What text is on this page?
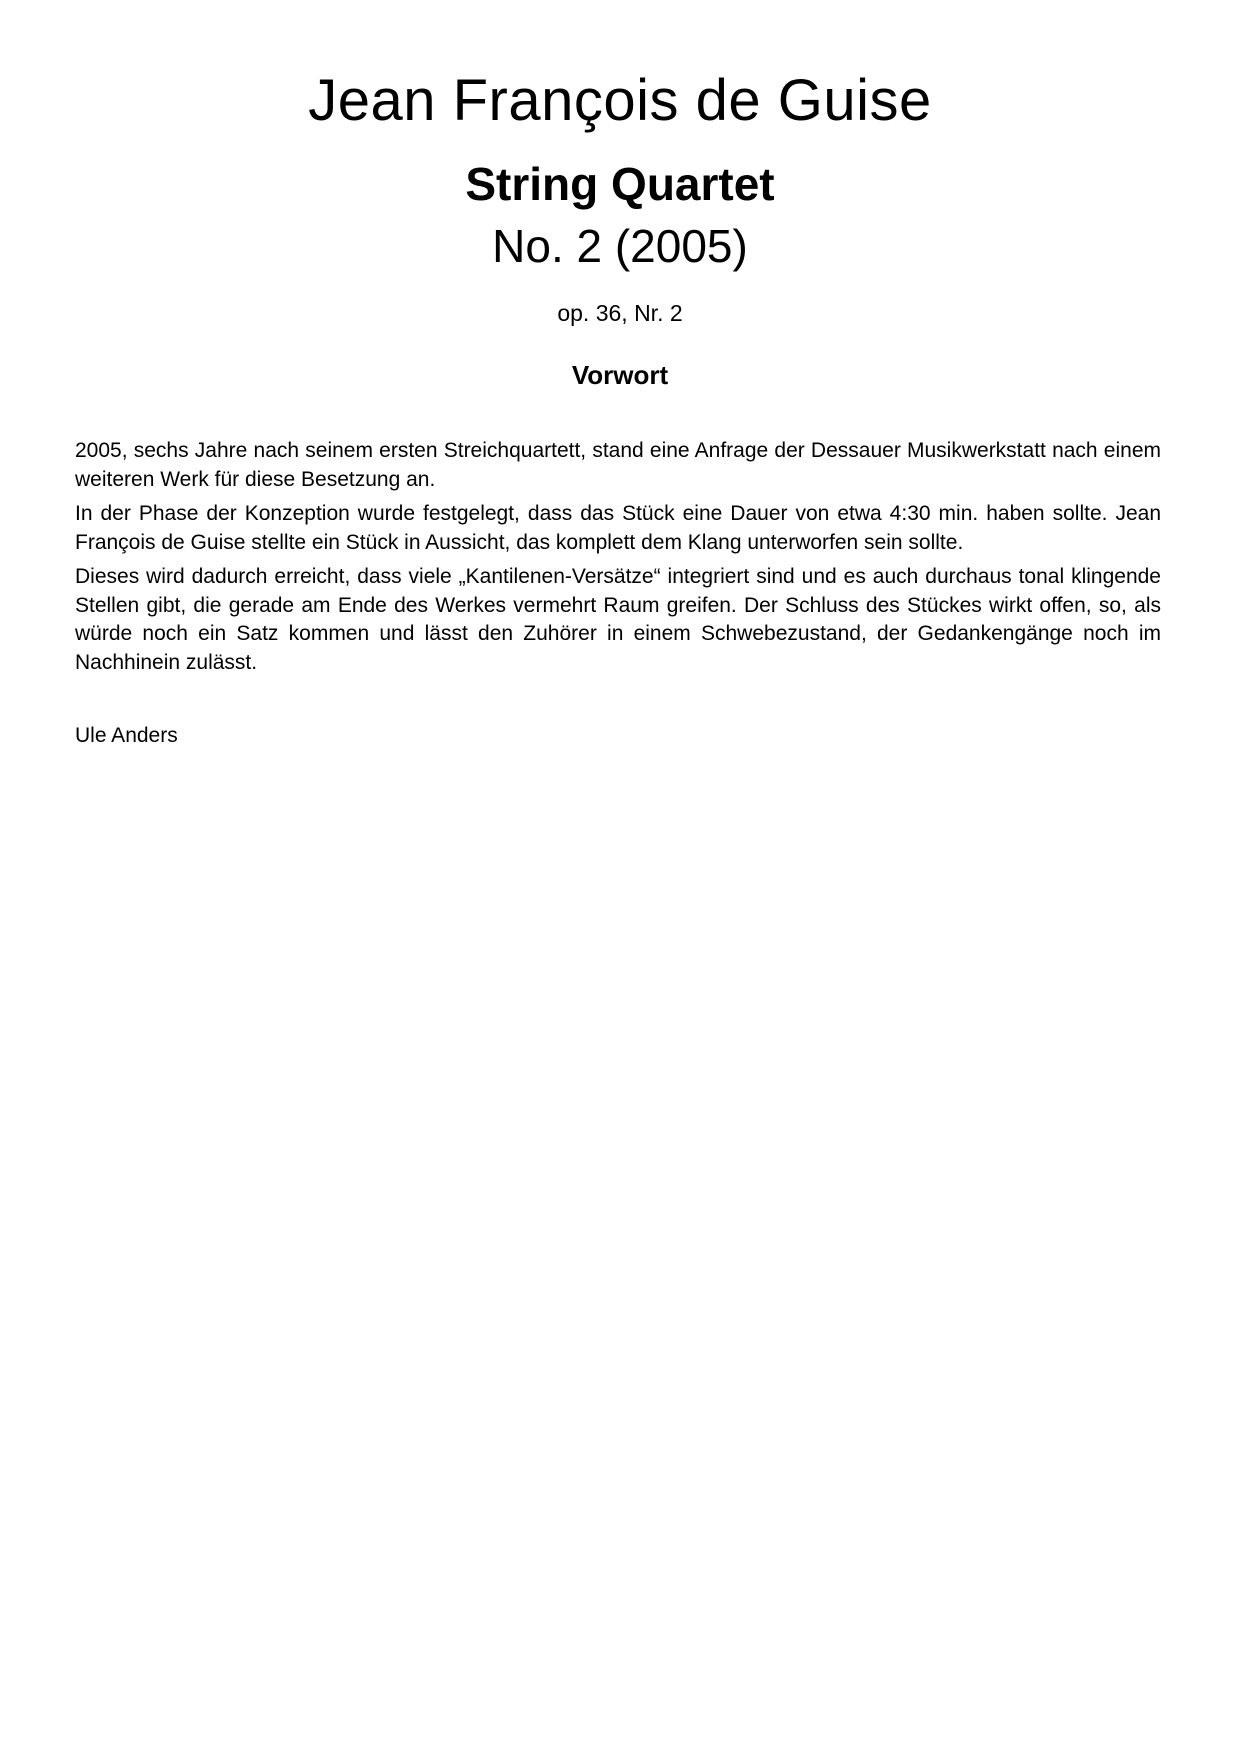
Jean François de Guise
String Quartet
No. 2 (2005)
op. 36, Nr. 2
Vorwort

2005, sechs Jahre nach seinem ersten Streichquartett, stand eine Anfrage der Dessauer Musikwerkstatt nach einem weiteren Werk für diese Besetzung an.

In der Phase der Konzeption wurde festgelegt, dass das Stück eine Dauer von etwa 4:30 min. haben sollte. Jean François de Guise stellte ein Stück in Aussicht, das komplett dem Klang unterworfen sein sollte.

Dieses wird dadurch erreicht, dass viele „Kantilenen-Versätze“ integriert sind und es auch durchaus tonal klingende Stellen gibt, die gerade am Ende des Werkes vermehrt Raum greifen. Der Schluss des Stückes wirkt offen, so, als würde noch ein Satz kommen und lässt den Zuhörer in einem Schwebezustand, der Gedankengänge noch im Nachhinein zulässt.

Ule Anders
